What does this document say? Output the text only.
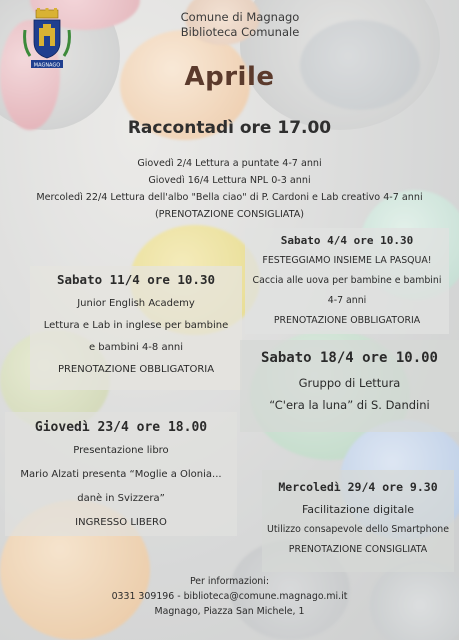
MAGNAGO
Comune di Magnago
Biblioteca Comunale
Aprile
Raccontadì ore 17.00
Giovedì 2/4 Lettura a puntate 4-7 anni
Giovedì 16/4 Lettura NPL 0-3 anni
Mercoledì 22/4 Lettura dell'albo "Bella ciao" di P. Cardoni e Lab creativo 4-7 anni
(PRENOTAZIONE CONSIGLIATA)
Sabato 4/4 ore 10.30
FESTEGGIAMO INSIEME LA PASQUA!
Caccia alle uova per bambine e bambini
4-7 anni
PRENOTAZIONE OBBLIGATORIA
Sabato 11/4 ore 10.30
Junior English Academy
Lettura e Lab in inglese per bambine
e bambini 4-8 anni
PRENOTAZIONE OBBLIGATORIA
Sabato 18/4 ore 10.00
Gruppo di Lettura
“C'era la luna” di S. Dandini
Giovedì 23/4 ore 18.00
Presentazione libro
Mario Alzati presenta “Moglie a Olonia...
danè in Svizzera”
INGRESSO LIBERO
Mercoledì 29/4 ore 9.30
Facilitazione digitale
Utilizzo consapevole dello Smartphone
PRENOTAZIONE CONSIGLIATA
Per informazioni:
0331 309196 - biblioteca@comune.magnago.mi.it
Magnago, Piazza San Michele, 1
